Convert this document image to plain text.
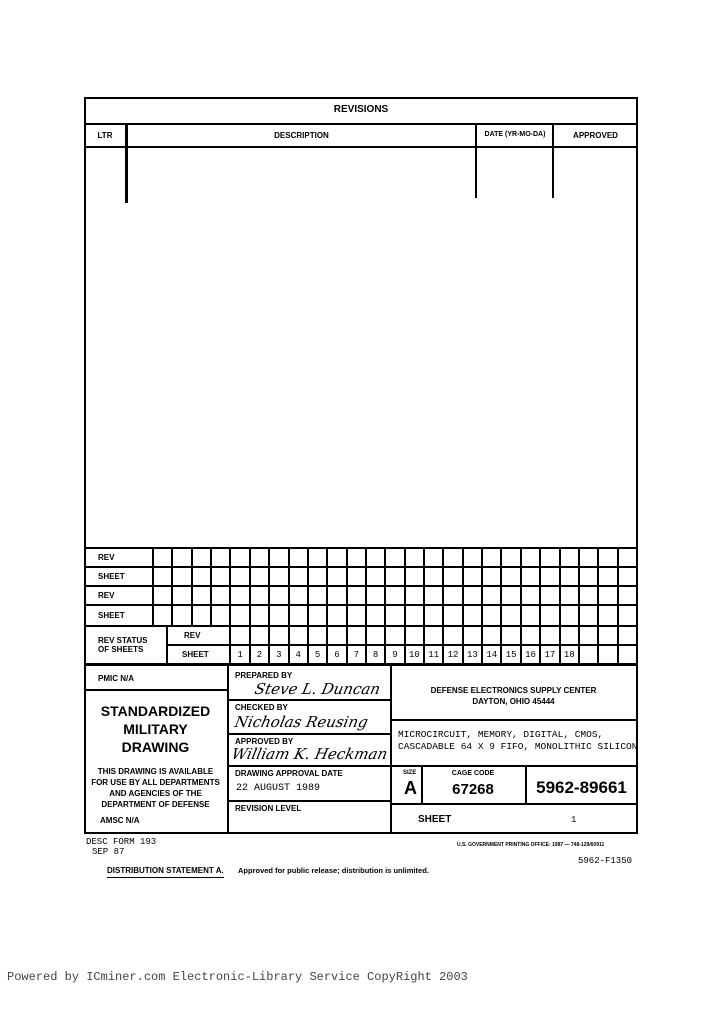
REVISIONS
LTR	DESCRIPTION	DATE (YR-MO-DA)	APPROVED
REV
SHEET
REV
SHEET
REV STATUS
OF SHEETS
REV
SHEET	1	2	3	4	5	6	7	8	9	10 11 12 13 14 15 16 17 18
PMIC N/A
STANDARDIZED
MILITARY
DRAWING
THIS DRAWING IS AVAILABLE
FOR USE BY ALL DEPARTMENTS
AND AGENCIES OF THE
DEPARTMENT OF DEFENSE
AMSC N/A
PREPARED BY
Steve L. Duncan
CHECKED BY
Nicholas Reusing
APPROVED BY
William K. Heckman
DRAWING APPROVAL DATE
22 AUGUST 1989
REVISION LEVEL
DEFENSE ELECTRONICS SUPPLY CENTER
DAYTON, OHIO 45444
MICROCIRCUIT, MEMORY, DIGITAL, CMOS,
CASCADABLE 64 X 9 FIFO, MONOLITHIC SILICON
SIZE
A
CAGE CODE
67268	5962-89661
SHEET	1
DESC FORM 193
SEP 87
U.S. GOVERNMENT PRINTING OFFICE: 1987 — 748-129/60911
5962-F1350
DISTRIBUTION STATEMENT A. Approved for public release; distribution is unlimited.
Powered by ICminer.com Electronic-Library Service CopyRight 2003
